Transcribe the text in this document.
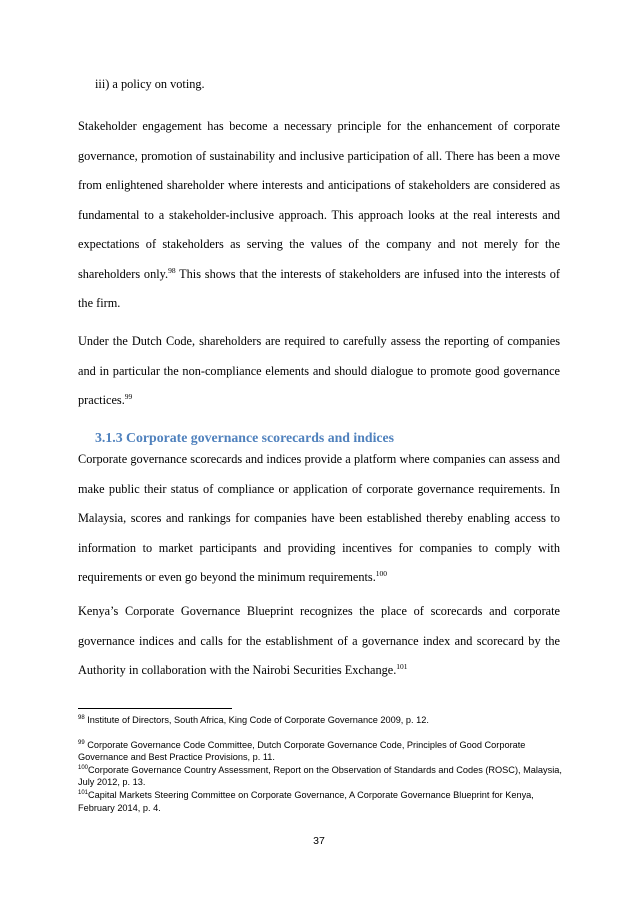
iii) a policy on voting.
Stakeholder engagement has become a necessary principle for the enhancement of corporate governance, promotion of sustainability and inclusive participation of all. There has been a move from enlightened shareholder where interests and anticipations of stakeholders are considered as fundamental to a stakeholder-inclusive approach. This approach looks at the real interests and expectations of stakeholders as serving the values of the company and not merely for the shareholders only.$^{98}$ This shows that the interests of stakeholders are infused into the interests of the firm.
Under the Dutch Code, shareholders are required to carefully assess the reporting of companies and in particular the non-compliance elements and should dialogue to promote good governance practices.$^{99}$
3.1.3 Corporate governance scorecards and indices
Corporate governance scorecards and indices provide a platform where companies can assess and make public their status of compliance or application of corporate governance requirements. In Malaysia, scores and rankings for companies have been established thereby enabling access to information to market participants and providing incentives for companies to comply with requirements or even go beyond the minimum requirements.$^{100}$
Kenya’s Corporate Governance Blueprint recognizes the place of scorecards and corporate governance indices and calls for the establishment of a governance index and scorecard by the Authority in collaboration with the Nairobi Securities Exchange.$^{101}$

$^{98}$ Institute of Directors, South Africa, King Code of Corporate Governance 2009, p. 12.

$^{99}$ Corporate Governance Code Committee, Dutch Corporate Governance Code, Principles of Good Corporate Governance and Best Practice Provisions, p. 11.

$^{100}$Corporate Governance Country Assessment, Report on the Observation of Standards and Codes (ROSC), Malaysia, July 2012, p. 13.

$^{101}$Capital Markets Steering Committee on Corporate Governance, A Corporate Governance Blueprint for Kenya, February 2014, p. 4.

37
